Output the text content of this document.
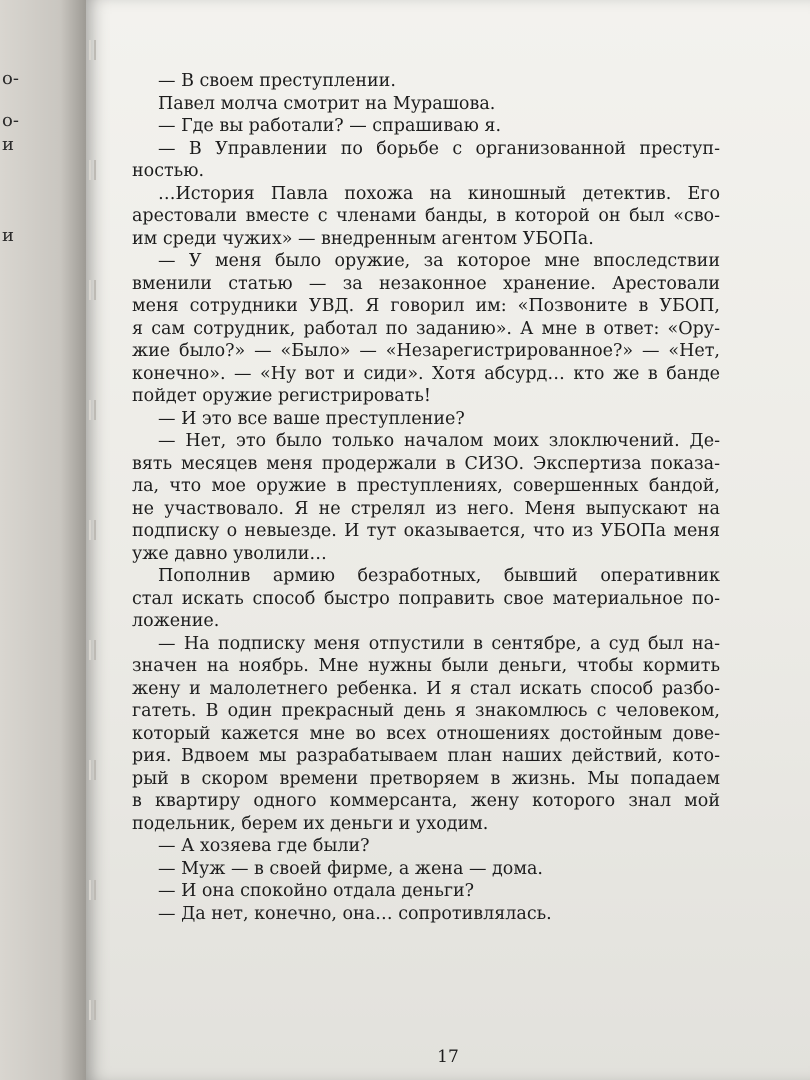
о-
о-
и
и
— В своем преступлении.
Павел молча смотрит на Мурашова.
— Где вы работали? — спрашиваю я.
— В Управлении по борьбе с организованной преступ-
ностью.
…История Павла похожа на киношный детектив. Его
арестовали вместе с членами банды, в которой он был «сво-
им среди чужих» — внедренным агентом УБОПа.
— У меня было оружие, за которое мне впоследствии
вменили статью — за незаконное хранение. Арестовали
меня сотрудники УВД. Я говорил им: «Позвоните в УБОП,
я сам сотрудник, работал по заданию». А мне в ответ: «Ору-
жие было?» — «Было» — «Незарегистрированное?» — «Нет,
конечно». — «Ну вот и сиди». Хотя абсурд… кто же в банде
пойдет оружие регистрировать!
— И это все ваше преступление?
— Нет, это было только началом моих злоключений. Де-
вять месяцев меня продержали в СИЗО. Экспертиза показа-
ла, что мое оружие в преступлениях, совершенных бандой,
не участвовало. Я не стрелял из него. Меня выпускают на
подписку о невыезде. И тут оказывается, что из УБОПа меня
уже давно уволили…
Пополнив армию безработных, бывший оперативник
стал искать способ быстро поправить свое материальное по-
ложение.
— На подписку меня отпустили в сентябре, а суд был на-
значен на ноябрь. Мне нужны были деньги, чтобы кормить
жену и малолетнего ребенка. И я стал искать способ разбо-
гатеть. В один прекрасный день я знакомлюсь с человеком,
который кажется мне во всех отношениях достойным дове-
рия. Вдвоем мы разрабатываем план наших действий, кото-
рый в скором времени претворяем в жизнь. Мы попадаем
в квартиру одного коммерсанта, жену которого знал мой
подельник, берем их деньги и уходим.
— А хозяева где были?
— Муж — в своей фирме, а жена — дома.
— И она спокойно отдала деньги?
— Да нет, конечно, она… сопротивлялась.
17
